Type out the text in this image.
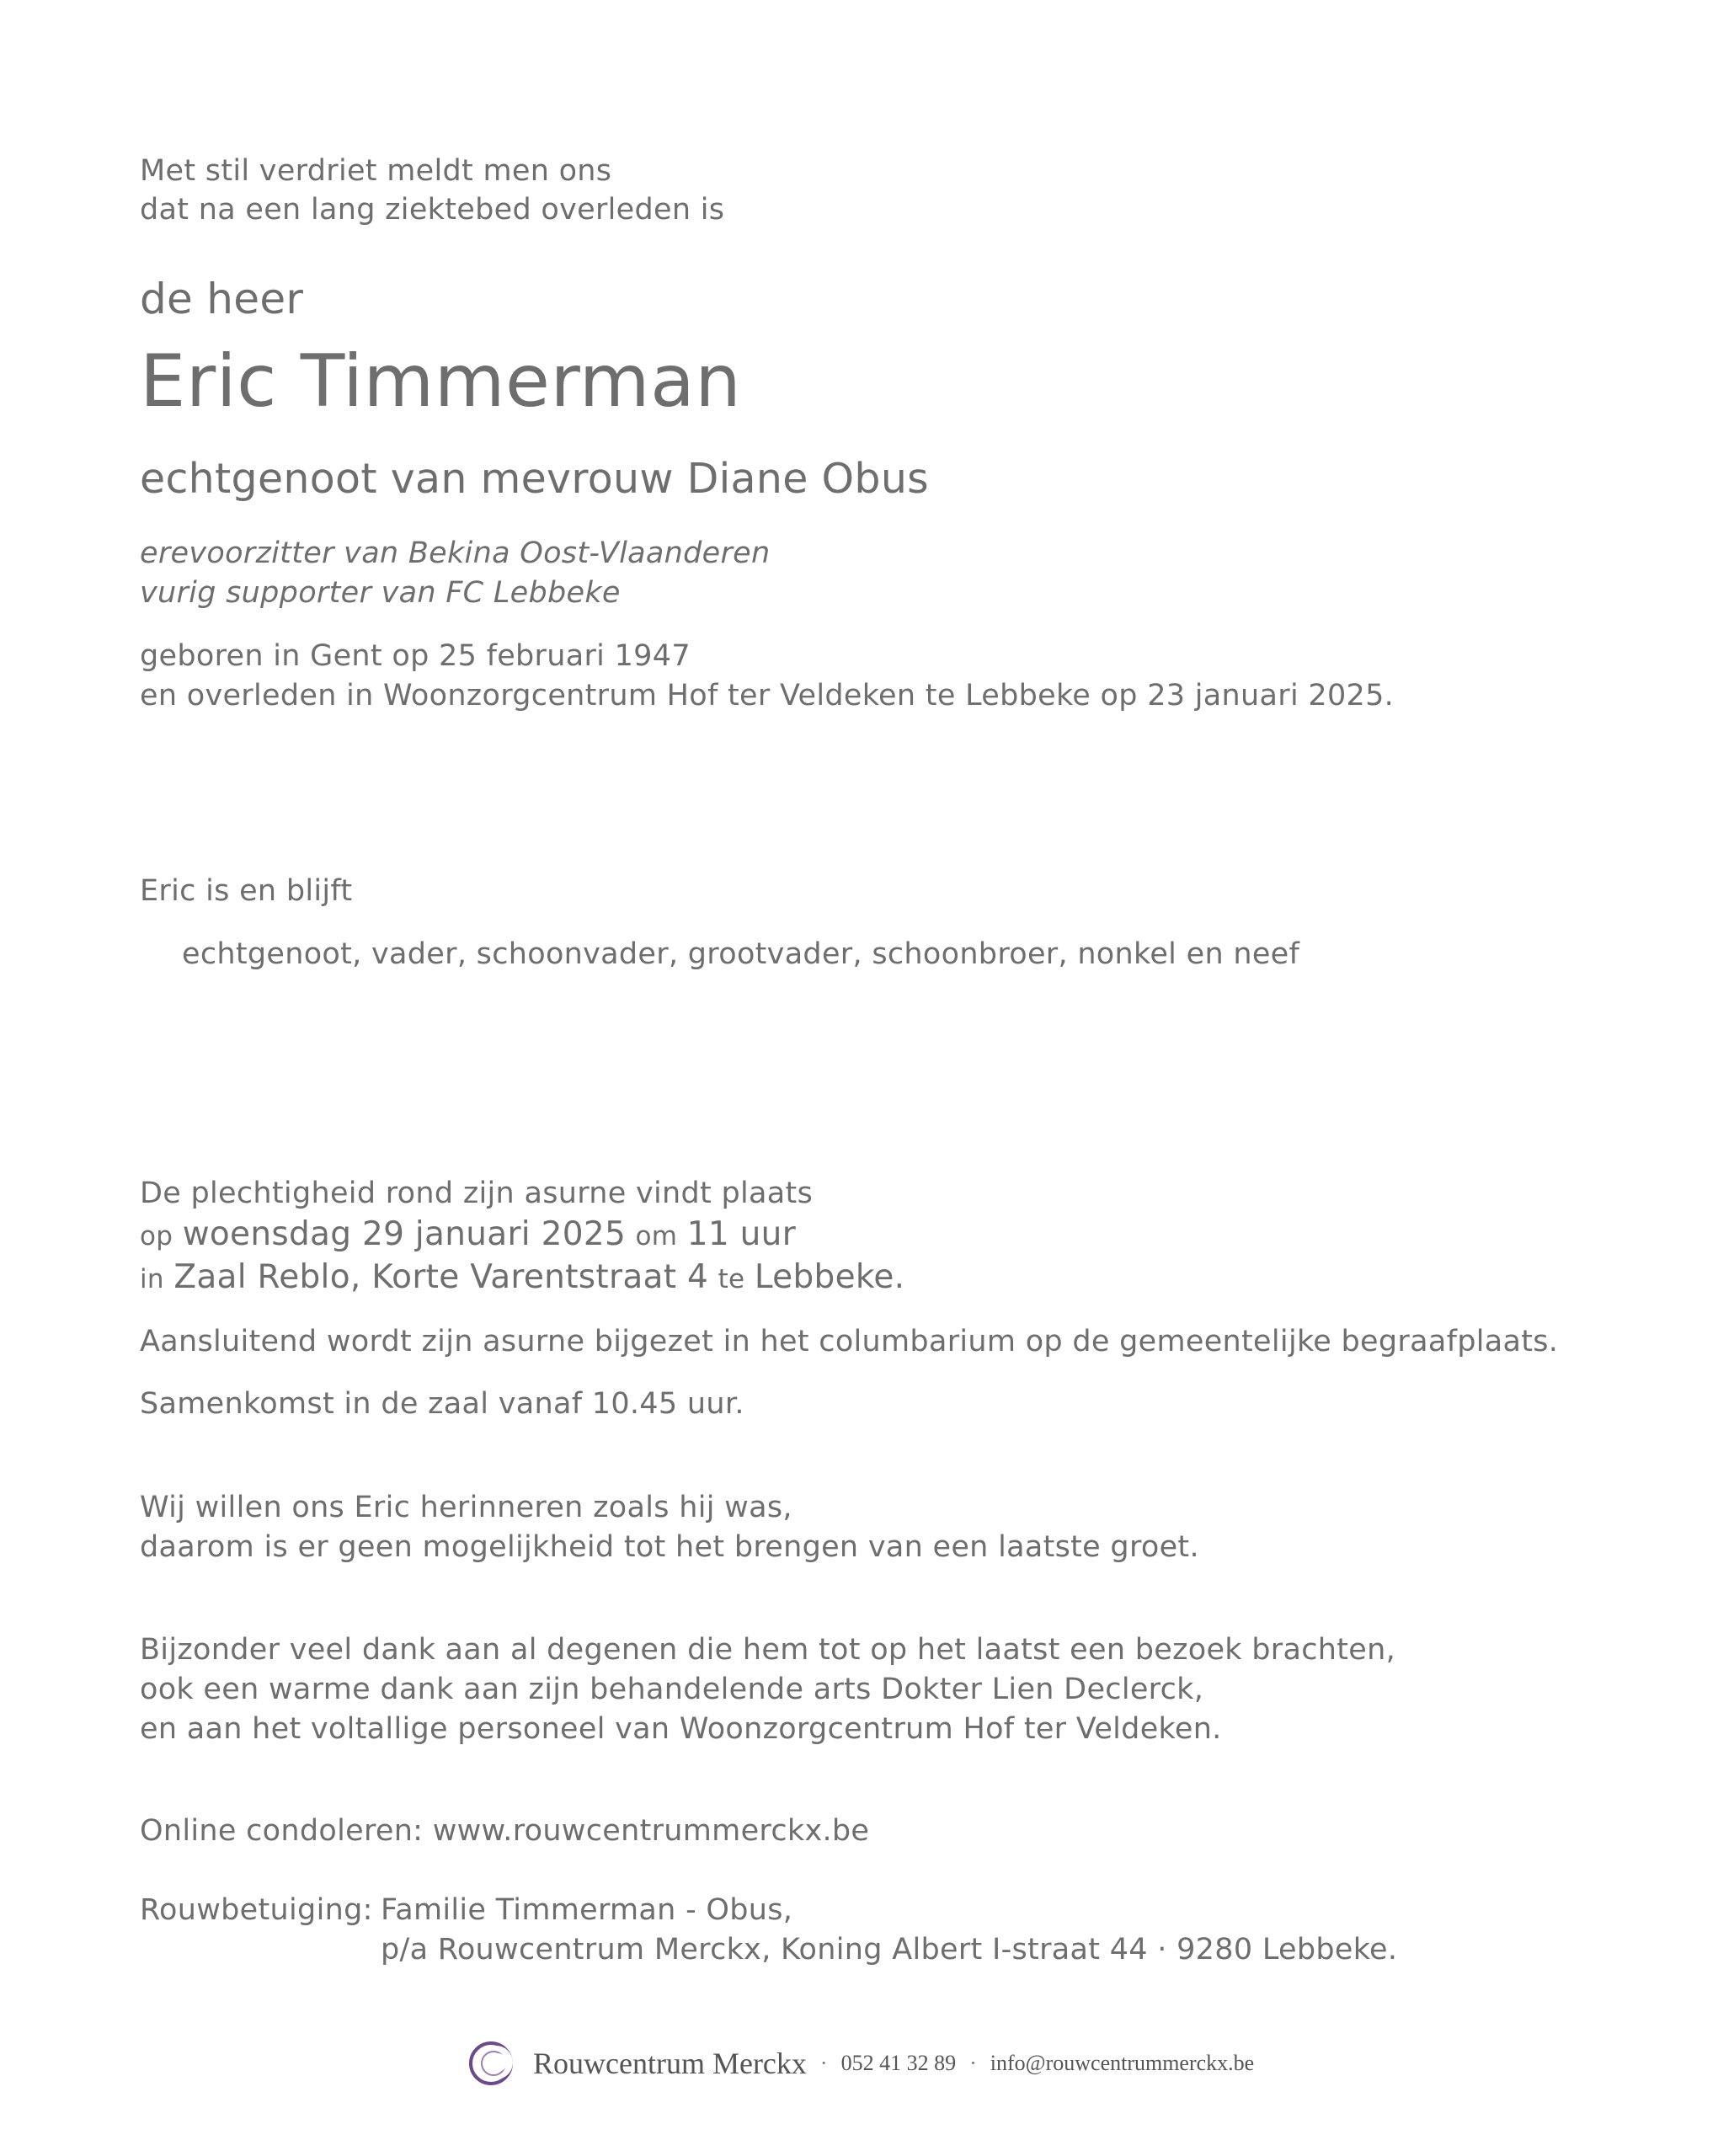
Met stil verdriet meldt men ons
dat na een lang ziektebed overleden is
de heer
Eric Timmerman
echtgenoot van mevrouw Diane Obus
erevoorzitter van Bekina Oost-Vlaanderen
vurig supporter van FC Lebbeke
geboren in Gent op 25 februari 1947
en overleden in Woonzorgcentrum Hof ter Veldeken te Lebbeke op 23 januari 2025.
Eric is en blijft
echtgenoot, vader, schoonvader, grootvader, schoonbroer, nonkel en neef
De plechtigheid rond zijn asurne vindt plaats
op woensdag 29 januari 2025 om 11 uur
in Zaal Reblo, Korte Varentstraat 4 te Lebbeke.
Aansluitend wordt zijn asurne bijgezet in het columbarium op de gemeentelijke begraafplaats.
Samenkomst in de zaal vanaf 10.45 uur.
Wij willen ons Eric herinneren zoals hij was,
daarom is er geen mogelijkheid tot het brengen van een laatste groet.
Bijzonder veel dank aan al degenen die hem tot op het laatst een bezoek brachten,
ook een warme dank aan zijn behandelende arts Dokter Lien Declerck,
en aan het voltallige personeel van Woonzorgcentrum Hof ter Veldeken.
Online condoleren: www.rouwcentrummerckx.be
Rouwbetuiging: Familie Timmerman - Obus,
p/a Rouwcentrum Merckx, Koning Albert I-straat 44 · 9280 Lebbeke.
Rouwcentrum Merckx · 052 41 32 89 · info@rouwcentrummerckx.be
